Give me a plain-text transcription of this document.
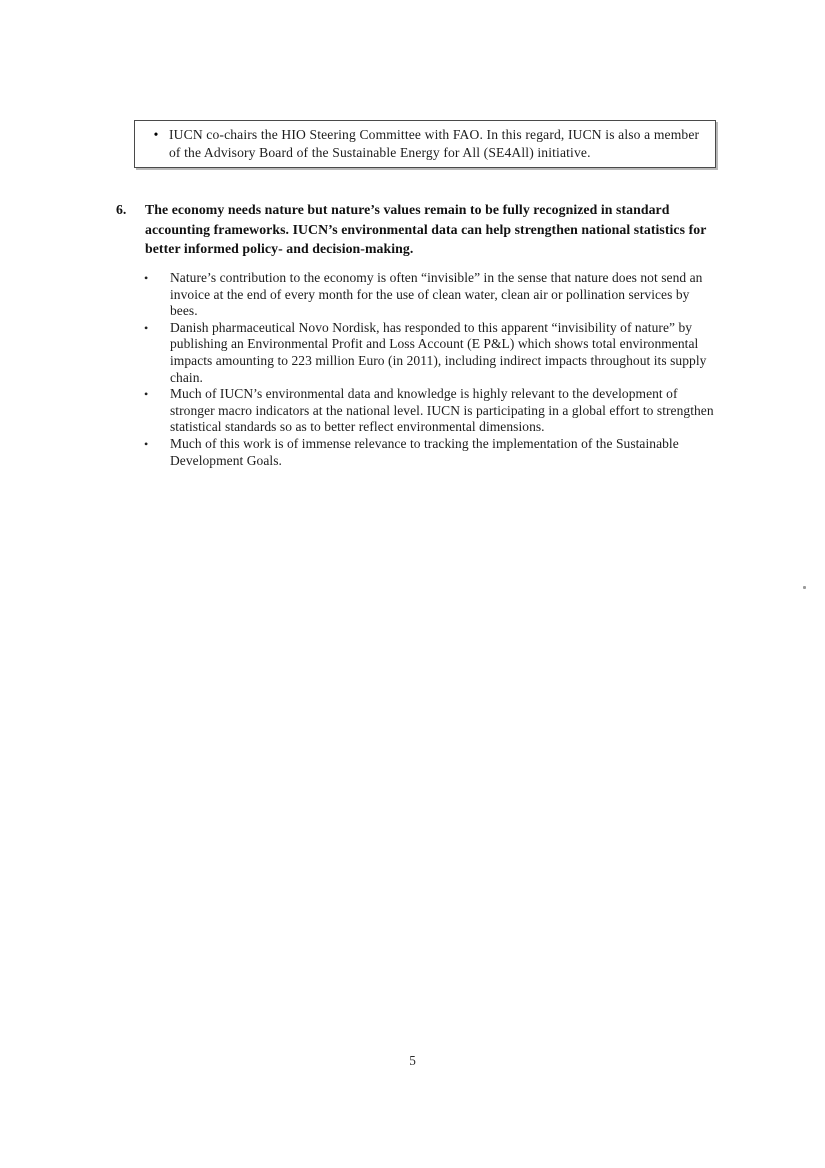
• IUCN co-chairs the HIO Steering Committee with FAO. In this regard, IUCN is also a member of the Advisory Board of the Sustainable Energy for All (SE4All) initiative.
6.	The economy needs nature but nature’s values remain to be fully recognized in standard accounting frameworks. IUCN’s environmental data can help strengthen national statistics for better informed policy- and decision-making.
•	Nature’s contribution to the economy is often “invisible” in the sense that nature does not send an invoice at the end of every month for the use of clean water, clean air or pollination services by bees.
•	Danish pharmaceutical Novo Nordisk, has responded to this apparent “invisibility of nature” by publishing an Environmental Profit and Loss Account (E P&L) which shows total environmental impacts amounting to 223 million Euro (in 2011), including indirect impacts throughout its supply chain.
•	Much of IUCN’s environmental data and knowledge is highly relevant to the development of stronger macro indicators at the national level. IUCN is participating in a global effort to strengthen statistical standards so as to better reflect environmental dimensions.
•	Much of this work is of immense relevance to tracking the implementation of the Sustainable Development Goals.
5
